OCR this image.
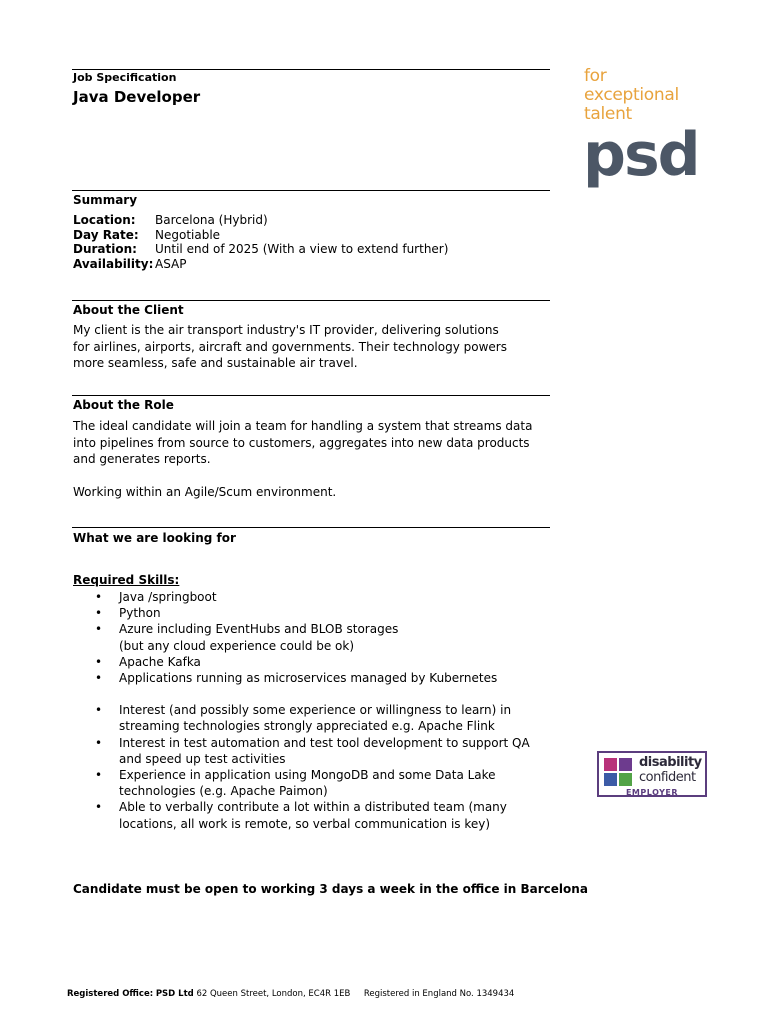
Job Specification
Java Developer
for
exceptional
talent
psd
Summary
Location:	Barcelona (Hybrid)
Day Rate:	Negotiable
Duration:	Until end of 2025 (With a view to extend further)
Availability: ASAP
About the Client
My client is the air transport industry's IT provider, delivering solutions for airlines, airports, aircraft and governments. Their technology powers more seamless, safe and sustainable air travel.
About the Role
The ideal candidate will join a team for handling a system that streams data into pipelines from source to customers, aggregates into new data products and generates reports.
Working within an Agile/Scum environment.
What we are looking for
Required Skills:
• Java /springboot
• Python
• Azure including EventHubs and BLOB storages
(but any cloud experience could be ok)
• Apache Kafka
• Applications running as microservices managed by Kubernetes
• Interest (and possibly some experience or willingness to learn) in streaming technologies strongly appreciated e.g. Apache Flink
• Interest in test automation and test tool development to support QA and speed up test activities
• Experience in application using MongoDB and some Data Lake technologies (e.g. Apache Paimon)
• Able to verbally contribute a lot within a distributed team (many locations, all work is remote, so verbal communication is key)
Candidate must be open to working 3 days a week in the office in Barcelona
disability
confident
EMPLOYER
Registered Office: PSD Ltd 62 Queen Street, London, EC4R 1EB Registered in England No. 1349434
